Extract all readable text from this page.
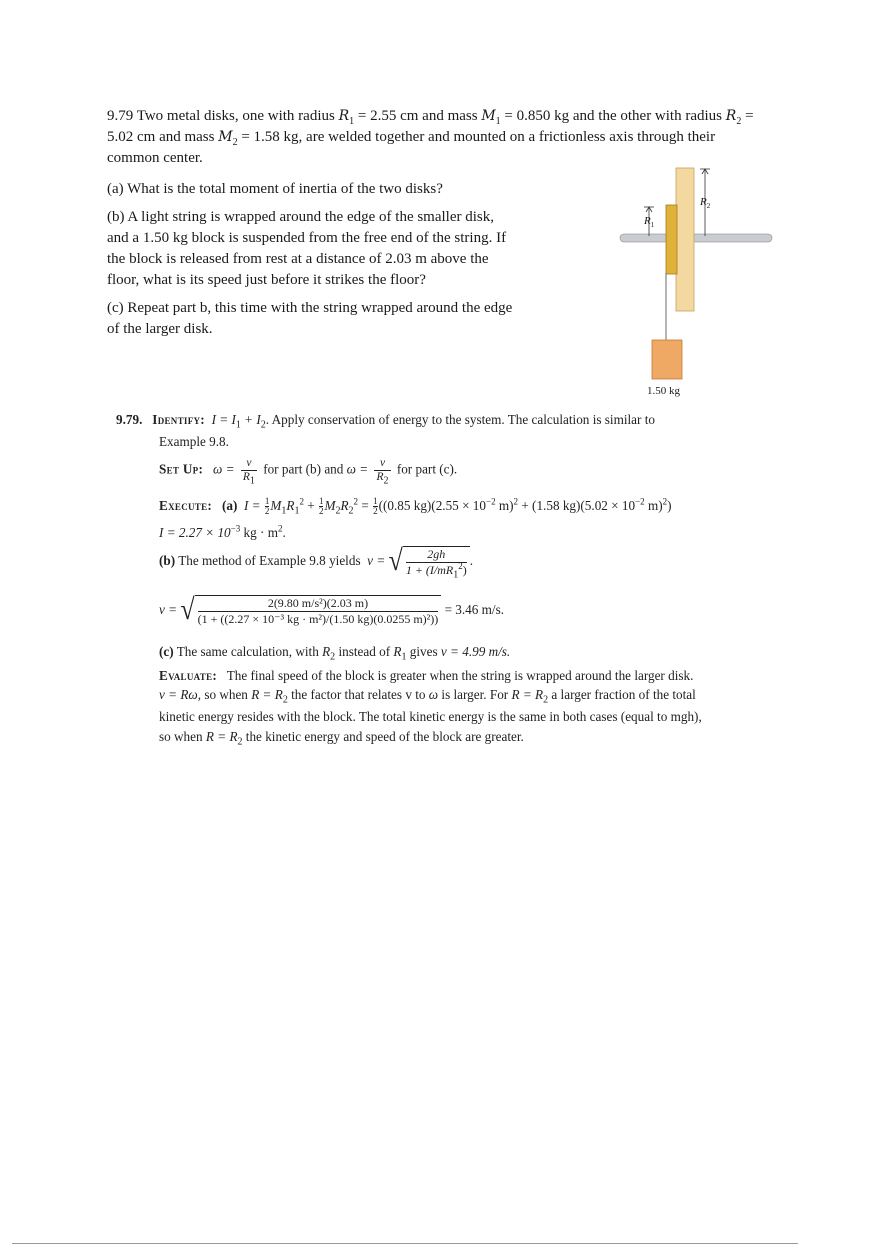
9.79 Two metal disks, one with radius $R_1 = 2.55$ cm and mass $M_1 = 0.850$ kg and the other with radius $R_2 = 5.02$ cm and mass $M_2 = 1.58$ kg, are welded together and mounted on a frictionless axis through their common center.

(a) What is the total moment of inertia of the two disks?

(b) A light string is wrapped around the edge of the smaller disk, and a 1.50 kg block is suspended from the free end of the string. If the block is released from rest at a distance of 2.03 m above the floor, what is its speed just before it strikes the floor?

(c) Repeat part b, this time with the string wrapped around the edge of the larger disk.

$R_1$
$R_2$
1.50 kg
9.79. Identify: $I = I_1 + I_2$. Apply conservation of energy to the system. The calculation is similar to
Example 9.8.
Set Up: $\omega = \frac{v}{R_1}$ for part (b) and $\omega = \frac{v}{R_2}$ for part (c).
Execute: (a) $I = \frac{1}{2} M_1R_1^2 + \frac{1}{2} M_2R_2^2 = \frac{1}{2} ((0.85$ $kg)(2.55 \times 10^{-2}$ m)$^2$ + (1.58 $kg)(5.02 \times 10^{-2}$ m)$^2$)
$I = 2.27 \times 10^{-3}$ kg · $m^2$.
(b) The method of Example 9.8 yields v = √ 2gh
$1 + (I/mR_1^2)$
.
v = √	2(9.80 m/s²)(2.03 m)
(1 + ((2.27 × 10⁻³ kg · m²)/(1.50 kg)(0.0255 m)²))
= 3.46 m/s.
(c) The same calculation, with $R_2$ instead of $R_1$ gives v = 4.99 m/s.
Evaluate: The final speed of the block is greater when the string is wrapped around the larger disk.
v = Rω, so when $R = R_2$ the factor that relates v to ω is larger. For $R = R_2$ a larger fraction of the total
kinetic energy resides with the block. The total kinetic energy is the same in both cases (equal to mgh),
so when $R = R_2$ the kinetic energy and speed of the block are greater.
